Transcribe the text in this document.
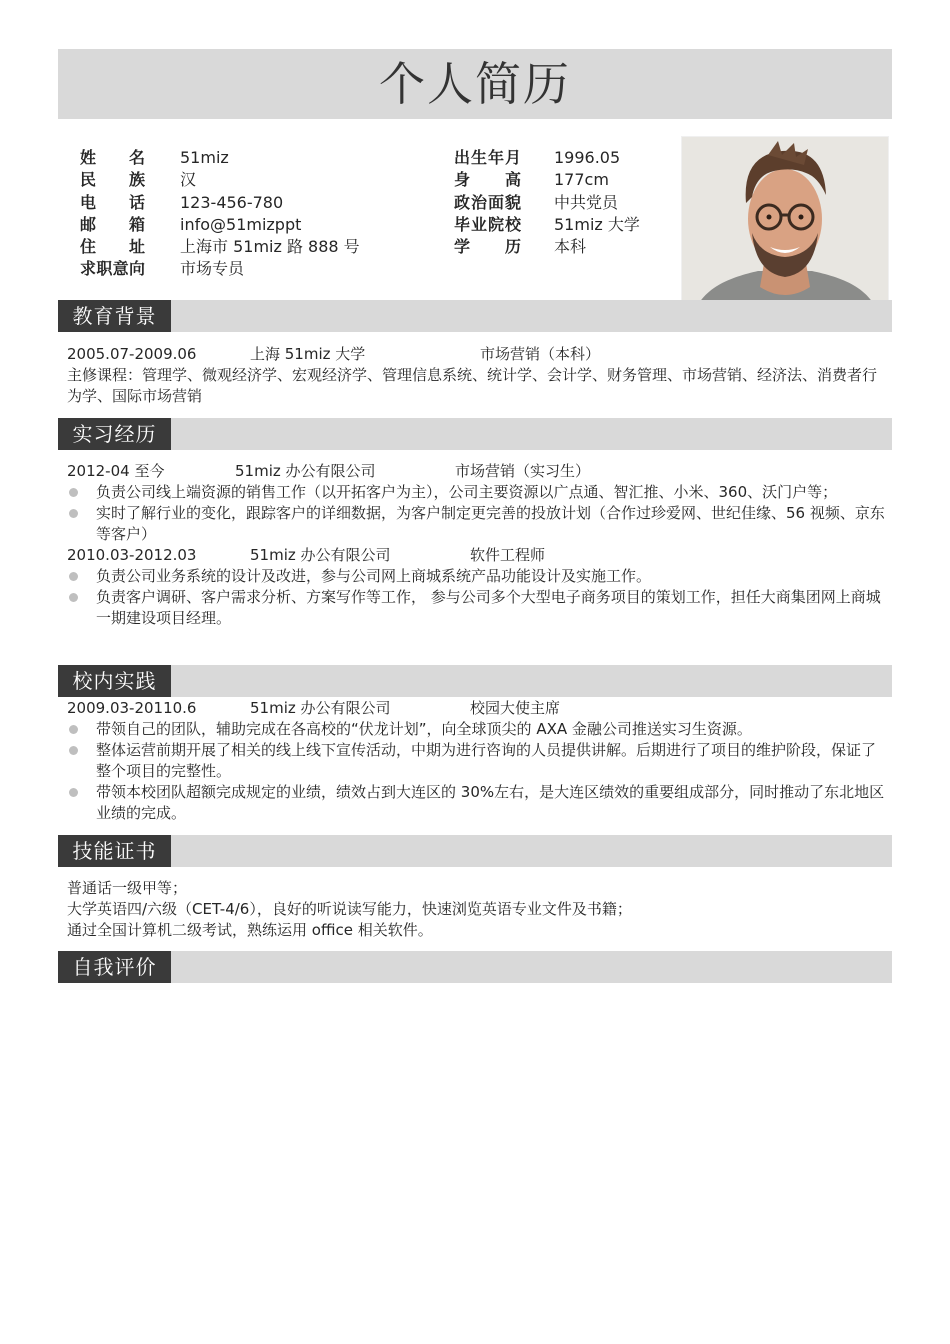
个人简历
姓名 51miz
民族 汉
电话 123-456-780
邮箱 info@51mizppt
住址 上海市 51miz 路 888 号
求职意向 市场专员
出生年月 1996.05
身高 177cm
政治面貌 中共党员
毕业院校 51miz 大学
学历 本科
教育背景
2005.07-2009.06	上海 51miz 大学	市场营销（本科）
主修课程：管理学、微观经济学、宏观经济学、管理信息系统、统计学、会计学、财务管理、市场营销、经济法、消费者行为学、国际市场营销
实习经历
2012-04 至今	51miz 办公有限公司	市场营销（实习生）
负责公司线上端资源的销售工作（以开拓客户为主），公司主要资源以广点通、智汇推、小米、360、沃门户等；
实时了解行业的变化，跟踪客户的详细数据，为客户制定更完善的投放计划（合作过珍爱网、世纪佳缘、56 视频、京东等客户）
2010.03-2012.03	51miz 办公有限公司	软件工程师
负责公司业务系统的设计及改进，参与公司网上商城系统产品功能设计及实施工作。
负责客户调研、客户需求分析、方案写作等工作， 参与公司多个大型电子商务项目的策划工作，担任大商集团网上商城一期建设项目经理。
校内实践
2009.03-20110.6	51miz 办公有限公司	校园大使主席
带领自己的团队，辅助完成在各高校的“伏龙计划”，向全球顶尖的 AXA 金融公司推送实习生资源。
整体运营前期开展了相关的线上线下宣传活动，中期为进行咨询的人员提供讲解。后期进行了项目的维护阶段，保证了整个项目的完整性。
带领本校团队超额完成规定的业绩，绩效占到大连区的 30%左右，是大连区绩效的重要组成部分，同时推动了东北地区业绩的完成。
技能证书
普通话一级甲等；
大学英语四/六级（CET-4/6），良好的听说读写能力，快速浏览英语专业文件及书籍；
通过全国计算机二级考试，熟练运用 office 相关软件。
自我评价
